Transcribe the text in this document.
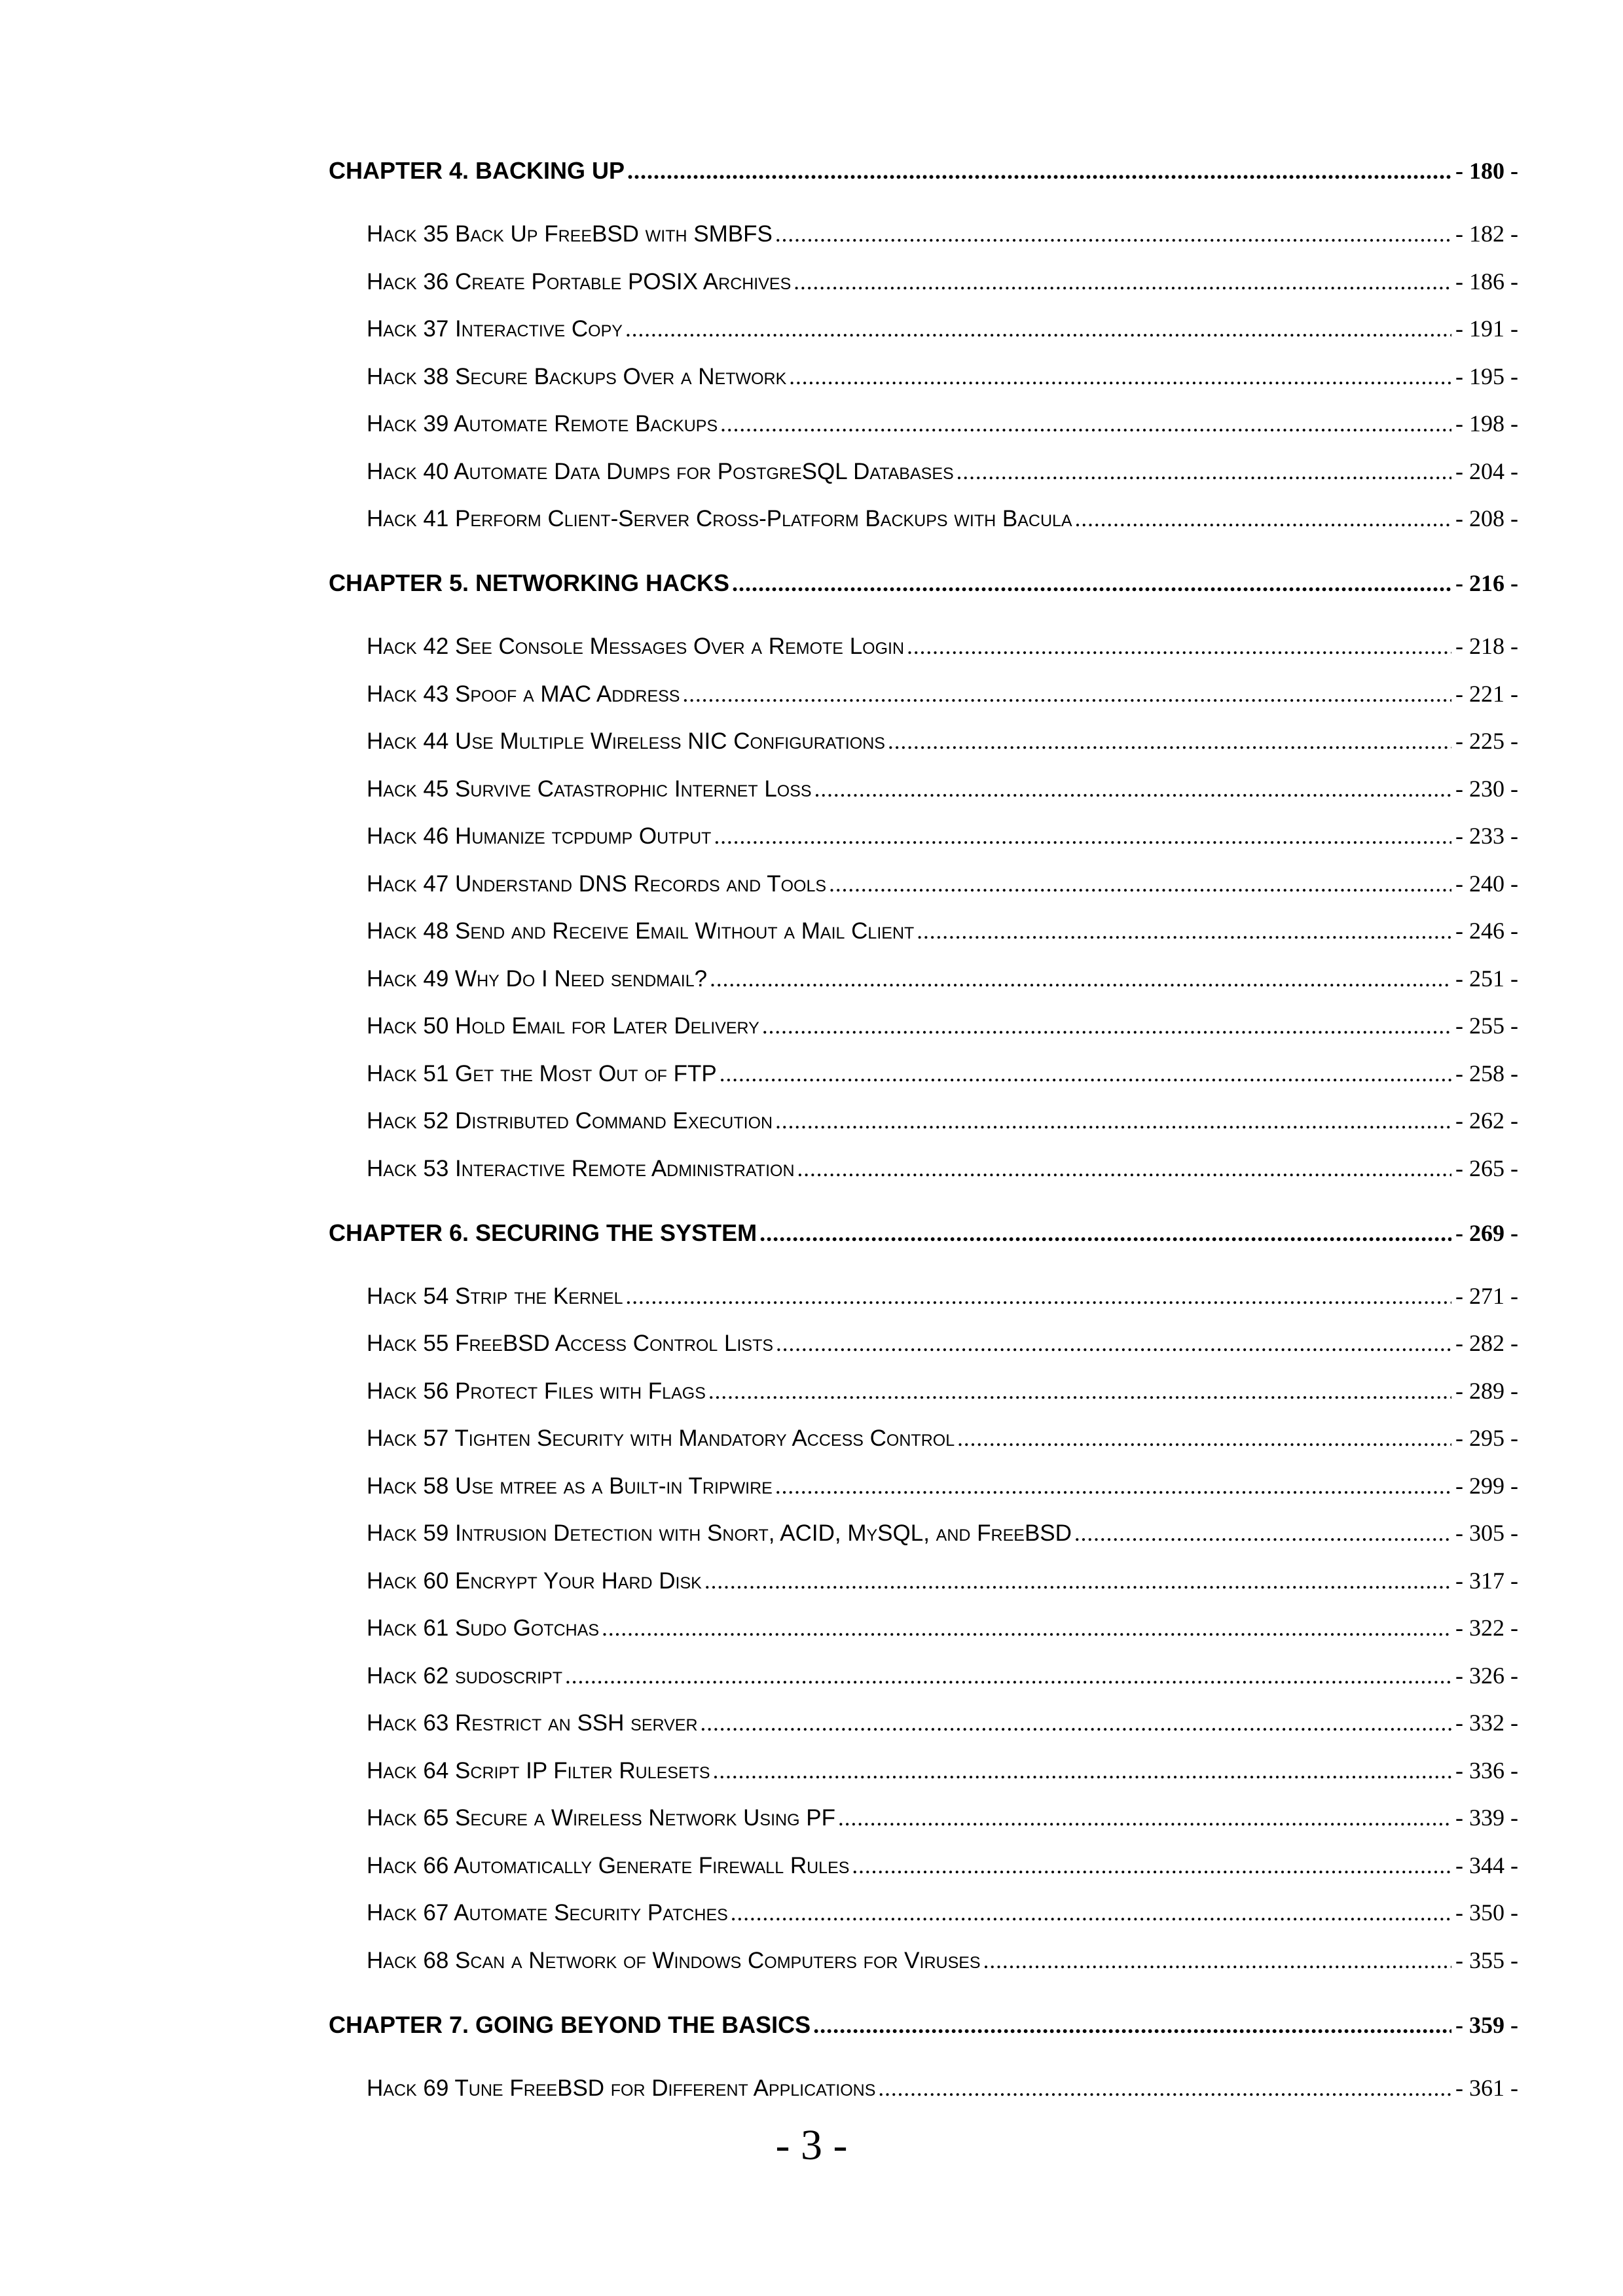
CHAPTER 4. BACKING UP .....	- 180 -
Hack 35 Back Up FreeBSD with SMBFS .....	- 182 -
Hack 36 Create Portable POSIX Archives .....	- 186 -
Hack 37 Interactive Copy .....	- 191 -
Hack 38 Secure Backups Over a Network .....	- 195 -
Hack 39 Automate Remote Backups .....	- 198 -
Hack 40 Automate Data Dumps for PostgreSQL Databases .....	- 204 -
Hack 41 Perform Client-Server Cross-Platform Backups with Bacula .....	- 208 -
CHAPTER 5. NETWORKING HACKS .....	- 216 -
Hack 42 See Console Messages Over a Remote Login .....	- 218 -
Hack 43 Spoof a MAC Address .....	- 221 -
Hack 44 Use Multiple Wireless NIC Configurations .....	- 225 -
Hack 45 Survive Catastrophic Internet Loss .....	- 230 -
Hack 46 Humanize tcpdump Output .....	- 233 -
Hack 47 Understand DNS Records and Tools .....	- 240 -
Hack 48 Send and Receive Email Without a Mail Client .....	- 246 -
Hack 49 Why Do I Need sendmail? .....	- 251 -
Hack 50 Hold Email for Later Delivery .....	- 255 -
Hack 51 Get the Most Out of FTP .....	- 258 -
Hack 52 Distributed Command Execution .....	- 262 -
Hack 53 Interactive Remote Administration .....	- 265 -
CHAPTER 6. SECURING THE SYSTEM .....	- 269 -
Hack 54 Strip the Kernel .....	- 271 -
Hack 55 FreeBSD Access Control Lists .....	- 282 -
Hack 56 Protect Files with Flags .....	- 289 -
Hack 57 Tighten Security with Mandatory Access Control .....	- 295 -
Hack 58 Use mtree as a Built-in Tripwire .....	- 299 -
Hack 59 Intrusion Detection with Snort, ACID, MySQL, and FreeBSD .....	- 305 -
Hack 60 Encrypt Your Hard Disk .....	- 317 -
Hack 61 Sudo Gotchas .....	- 322 -
Hack 62 sudoscript .....	- 326 -
Hack 63 Restrict an SSH server .....	- 332 -
Hack 64 Script IP Filter Rulesets .....	- 336 -
Hack 65 Secure a Wireless Network Using PF .....	- 339 -
Hack 66 Automatically Generate Firewall Rules .....	- 344 -
Hack 67 Automate Security Patches .....	- 350 -
Hack 68 Scan a Network of Windows Computers for Viruses .....	- 355 -
CHAPTER 7. GOING BEYOND THE BASICS .....	- 359 -
Hack 69 Tune FreeBSD for Different Applications .....	- 361 -
- 3 -
